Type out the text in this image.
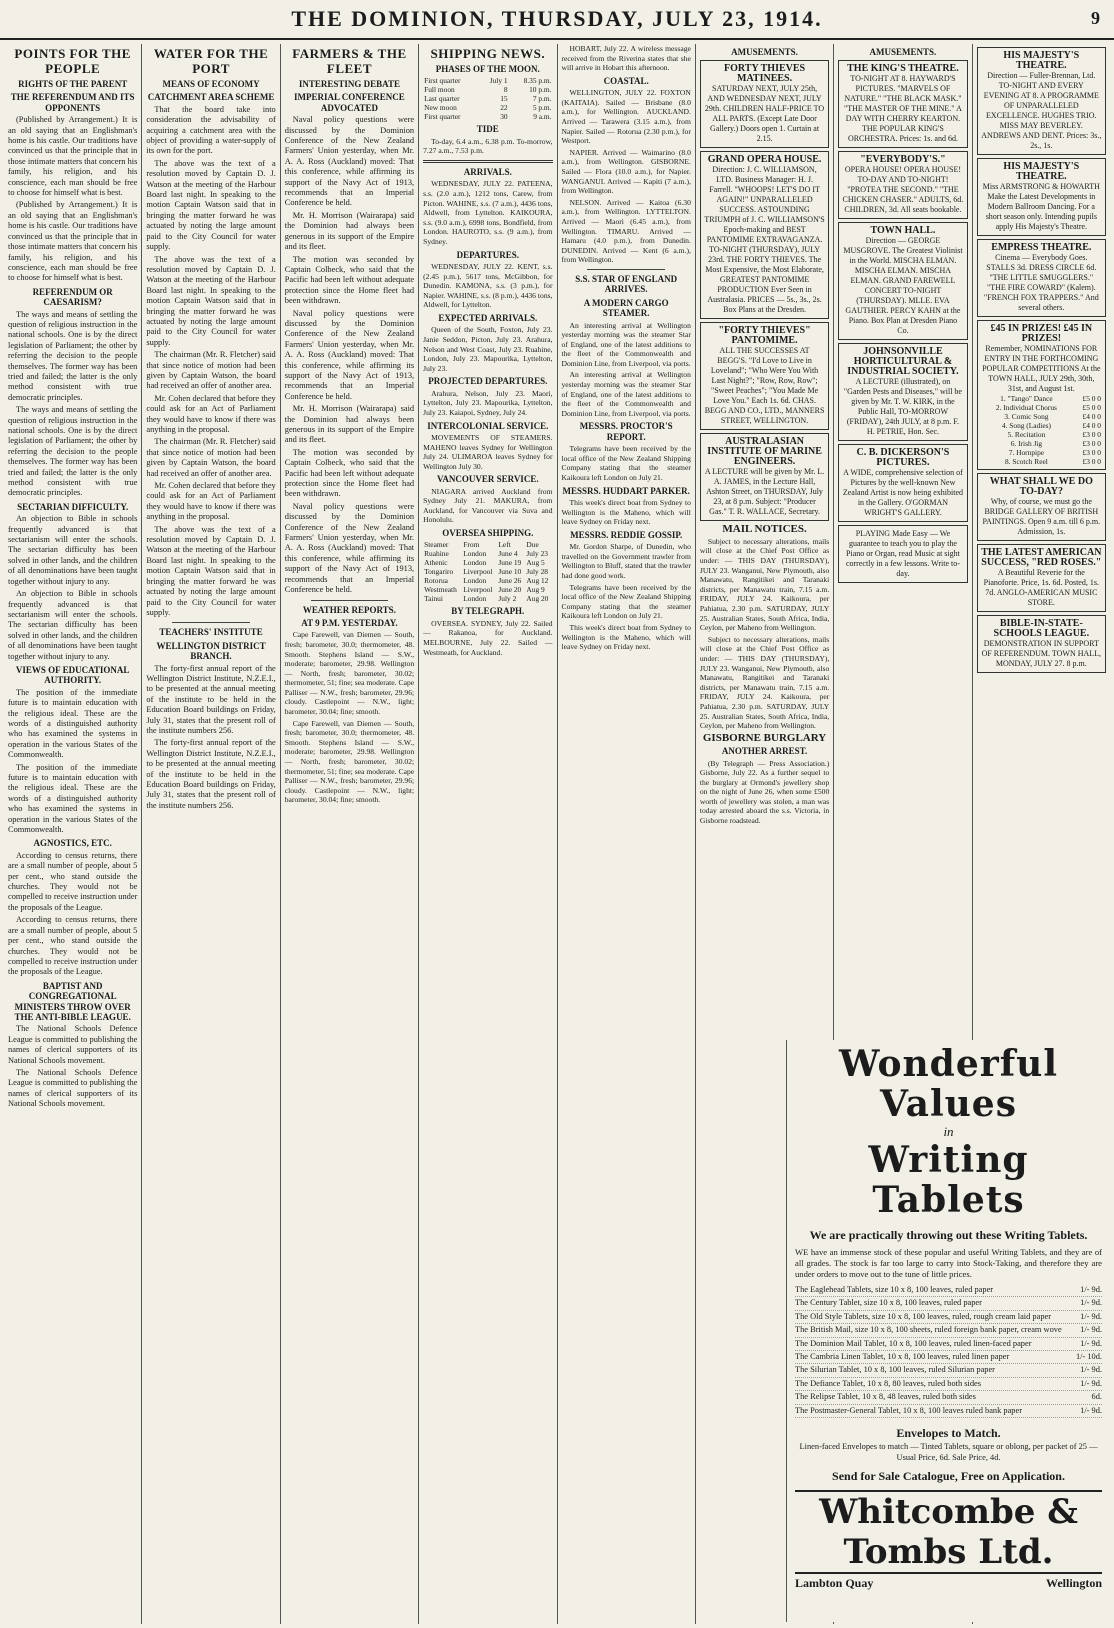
THE DOMINION, THURSDAY, JULY 23, 1914.	9
POINTS FOR THE PEOPLE
RIGHTS OF THE PARENT
THE REFERENDUM AND ITS OPPONENTS

(Published by Arrangement.) It is an old saying that an Englishman's home is his castle. Our traditions have convinced us that the principle that in those intimate matters that concern his family, his religion, and his conscience, each man should be free to choose for himself what is best.

(Published by Arrangement.) It is an old saying that an Englishman's home is his castle. Our traditions have convinced us that the principle that in those intimate matters that concern his family, his religion, and his conscience, each man should be free to choose for himself what is best.

REFERENDUM OR CAESARISM?

The ways and means of settling the question of religious instruction in the national schools. One is by the direct legislation of Parliament; the other by referring the decision to the people themselves. The former way has been tried and failed; the latter is the only method consistent with true democratic principles.

The ways and means of settling the question of religious instruction in the national schools. One is by the direct legislation of Parliament; the other by referring the decision to the people themselves. The former way has been tried and failed; the latter is the only method consistent with true democratic principles.

SECTARIAN DIFFICULTY.

An objection to Bible in schools frequently advanced is that sectarianism will enter the schools. The sectarian difficulty has been solved in other lands, and the children of all denominations have been taught together without injury to any.

An objection to Bible in schools frequently advanced is that sectarianism will enter the schools. The sectarian difficulty has been solved in other lands, and the children of all denominations have been taught together without injury to any.

VIEWS OF EDUCATIONAL AUTHORITY.

The position of the immediate future is to maintain education with the religious ideal. These are the words of a distinguished authority who has examined the systems in operation in the various States of the Commonwealth.

The position of the immediate future is to maintain education with the religious ideal. These are the words of a distinguished authority who has examined the systems in operation in the various States of the Commonwealth.

AGNOSTICS, ETC.

According to census returns, there are a small number of people, about 5 per cent., who stand outside the churches. They would not be compelled to receive instruction under the proposals of the League.

According to census returns, there are a small number of people, about 5 per cent., who stand outside the churches. They would not be compelled to receive instruction under the proposals of the League.

BAPTIST AND CONGREGATIONAL MINISTERS THROW OVER THE ANTI-BIBLE LEAGUE.

The National Schools Defence League is committed to publishing the names of clerical supporters of its National Schools movement.

The National Schools Defence League is committed to publishing the names of clerical supporters of its National Schools movement.

WATER FOR THE PORT
MEANS OF ECONOMY
CATCHMENT AREA SCHEME

That the board take into consideration the advisability of acquiring a catchment area with the object of providing a water-supply of its own for the port.

The above was the text of a resolution moved by Captain D. J. Watson at the meeting of the Harbour Board last night. In speaking to the motion Captain Watson said that in bringing the matter forward he was actuated by noting the large amount paid to the City Council for water supply.

The above was the text of a resolution moved by Captain D. J. Watson at the meeting of the Harbour Board last night. In speaking to the motion Captain Watson said that in bringing the matter forward he was actuated by noting the large amount paid to the City Council for water supply.

The chairman (Mr. R. Fletcher) said that since notice of motion had been given by Captain Watson, the board had received an offer of another area.

Mr. Cohen declared that before they could ask for an Act of Parliament they would have to know if there was anything in the proposal.

The chairman (Mr. R. Fletcher) said that since notice of motion had been given by Captain Watson, the board had received an offer of another area.

Mr. Cohen declared that before they could ask for an Act of Parliament they would have to know if there was anything in the proposal.

The above was the text of a resolution moved by Captain D. J. Watson at the meeting of the Harbour Board last night. In speaking to the motion Captain Watson said that in bringing the matter forward he was actuated by noting the large amount paid to the City Council for water supply.

TEACHERS' INSTITUTE
WELLINGTON DISTRICT BRANCH.

The forty-first annual report of the Wellington District Institute, N.Z.E.I., to be presented at the annual meeting of the institute to be held in the Education Board buildings on Friday, July 31, states that the present roll of the institute numbers 256.

The forty-first annual report of the Wellington District Institute, N.Z.E.I., to be presented at the annual meeting of the institute to be held in the Education Board buildings on Friday, July 31, states that the present roll of the institute numbers 256.

FARMERS & THE FLEET
INTERESTING DEBATE
IMPERIAL CONFERENCE ADVOCATED

Naval policy questions were discussed by the Dominion Conference of the New Zealand Farmers' Union yesterday, when Mr. A. A. Ross (Auckland) moved: That this conference, while affirming its support of the Navy Act of 1913, recommends that an Imperial Conference be held.

Mr. H. Morrison (Wairarapa) said the Dominion had always been generous in its support of the Empire and its fleet.

The motion was seconded by Captain Colbeck, who said that the Pacific had been left without adequate protection since the Home fleet had been withdrawn.

Naval policy questions were discussed by the Dominion Conference of the New Zealand Farmers' Union yesterday, when Mr. A. A. Ross (Auckland) moved: That this conference, while affirming its support of the Navy Act of 1913, recommends that an Imperial Conference be held.

Mr. H. Morrison (Wairarapa) said the Dominion had always been generous in its support of the Empire and its fleet.

The motion was seconded by Captain Colbeck, who said that the Pacific had been left without adequate protection since the Home fleet had been withdrawn.

Naval policy questions were discussed by the Dominion Conference of the New Zealand Farmers' Union yesterday, when Mr. A. A. Ross (Auckland) moved: That this conference, while affirming its support of the Navy Act of 1913, recommends that an Imperial Conference be held.

WEATHER REPORTS.
AT 9 P.M. YESTERDAY.

Cape Farewell, van Diemen — South, fresh; barometer, 30.0; thermometer, 48. Smooth. Stephens Island — S.W., moderate; barometer, 29.98. Wellington — North, fresh; barometer, 30.02; thermometer, 51; fine; sea moderate. Cape Palliser — N.W., fresh; barometer, 29.96; cloudy. Castlepoint — N.W., light; barometer, 30.04; fine; smooth.

Cape Farewell, van Diemen — South, fresh; barometer, 30.0; thermometer, 48. Smooth. Stephens Island — S.W., moderate; barometer, 29.98. Wellington — North, fresh; barometer, 30.02; thermometer, 51; fine; sea moderate. Cape Palliser — N.W., fresh; barometer, 29.96; cloudy. Castlepoint — N.W., light; barometer, 30.04; fine; smooth.

SHIPPING NEWS.
PHASES OF THE MOON.
First quarter	July 1	8.35 p.m.
Full moon	8	10 p.m.
Last quarter	15	7 p.m.
New moon	22	5 p.m.
First quarter	30	9 a.m.
TIDE

To-day, 6.4 a.m., 6.38 p.m. To-morrow, 7.27 a.m., 7.53 p.m.

ARRIVALS.

WEDNESDAY, JULY 22. PATEENA, s.s. (2.0 a.m.), 1212 tons, Carew, from Picton. WAHINE, s.s. (7 a.m.), 4436 tons, Aldwell, from Lyttelton. KAIKOURA, s.s. (9.0 a.m.), 6998 tons, Bondfield, from London. HAUROTO, s.s. (9 a.m.), from Sydney.

DEPARTURES.

WEDNESDAY, JULY 22. KENT, s.s. (2.45 p.m.), 5617 tons, McGibbon, for Dunedin. KAMONA, s.s. (3 p.m.), for Napier. WAHINE, s.s. (8 p.m.), 4436 tons, Aldwell, for Lyttelton.

EXPECTED ARRIVALS.

Queen of the South, Foxton, July 23. Janie Seddon, Picton, July 23. Arahura, Nelson and West Coast, July 23. Ruahine, London, July 23. Mapourika, Lyttelton, July 23.

PROJECTED DEPARTURES.

Arahura, Nelson, July 23. Maori, Lyttelton, July 23. Mapourika, Lyttelton, July 23. Kaiapoi, Sydney, July 24.

INTERCOLONIAL SERVICE.

MOVEMENTS OF STEAMERS. MAHENO leaves Sydney for Wellington July 24. ULIMAROA leaves Sydney for Wellington July 30.

VANCOUVER SERVICE.

NIAGARA arrived Auckland from Sydney July 21. MAKURA, from Auckland, for Vancouver via Suva and Honolulu.

OVERSEA SHIPPING.
Steamer	From	Left	Due
Ruahine	London	June 4	July 23
Athenic	London	June 19	Aug 5
Tongariro	Liverpool	June 10	July 28
Rotorua	London	June 26	Aug 12
Westmeath	Liverpool	June 20	Aug 9
Tainui	London	July 2	Aug 20
BY TELEGRAPH.

OVERSEA. SYDNEY, July 22. Sailed — Rakanoa, for Auckland. MELBOURNE, July 22. Sailed — Westmeath, for Auckland.

HOBART, July 22. A wireless message received from the Riverina states that she will arrive in Hobart this afternoon.

COASTAL.

WELLINGTON, JULY 22. FOXTON (KAITAIA). Sailed — Brisbane (8.0 a.m.), for Wellington. AUCKLAND. Arrived — Tarawera (3.15 a.m.), from Napier. Sailed — Rotorua (2.30 p.m.), for Westport.

NAPIER. Arrived — Waimarino (8.0 a.m.), from Wellington. GISBORNE. Sailed — Flora (10.0 a.m.), for Napier. WANGANUI. Arrived — Kapiti (7 a.m.), from Wellington.

NELSON. Arrived — Kaitoa (6.30 a.m.), from Wellington. LYTTELTON. Arrived — Maori (6.45 a.m.), from Wellington. TIMARU. Arrived — Hamaru (4.0 p.m.), from Dunedin. DUNEDIN. Arrived — Kent (6 a.m.), from Wellington.

S.S. STAR OF ENGLAND ARRIVES.
A MODERN CARGO STEAMER.

An interesting arrival at Wellington yesterday morning was the steamer Star of England, one of the latest additions to the fleet of the Commonwealth and Dominion Line, from Liverpool, via ports.

An interesting arrival at Wellington yesterday morning was the steamer Star of England, one of the latest additions to the fleet of the Commonwealth and Dominion Line, from Liverpool, via ports.

MESSRS. PROCTOR'S REPORT.

Telegrams have been received by the local office of the New Zealand Shipping Company stating that the steamer Kaikoura left London on July 21.

MESSRS. HUDDART PARKER.

This week's direct boat from Sydney to Wellington is the Maheno, which will leave Sydney on Friday next.

MESSRS. REDDIE GOSSIP.

Mr. Gordon Sharpe, of Dunedin, who travelled on the Government trawler from Wellington to Bluff, stated that the trawler had done good work.

Telegrams have been received by the local office of the New Zealand Shipping Company stating that the steamer Kaikoura left London on July 21.

This week's direct boat from Sydney to Wellington is the Maheno, which will leave Sydney on Friday next.

AMUSEMENTS.
FORTY THIEVES MATINEES.
SATURDAY NEXT, JULY 25th, AND WEDNESDAY NEXT, JULY 29th. CHILDREN HALF-PRICE TO ALL PARTS. (Except Late Door Gallery.) Doors open 1. Curtain at 2.15.
GRAND OPERA HOUSE.
Direction: J. C. WILLIAMSON, LTD. Business Manager: H. J. Farrell. "WHOOPS! LET'S DO IT AGAIN!" UNPARALLELED SUCCESS. ASTOUNDING TRIUMPH of J. C. WILLIAMSON'S Epoch-making and BEST PANTOMIME EXTRAVAGANZA. TO-NIGHT (THURSDAY), JULY 23rd. THE FORTY THIEVES. The Most Expensive, the Most Elaborate, GREATEST PANTOMIME PRODUCTION Ever Seen in Australasia. PRICES — 5s., 3s., 2s. Box Plans at the Dresden.
"FORTY THIEVES" PANTOMIME.
ALL THE SUCCESSES AT BEGG'S. "I'd Love to Live in Loveland"; "Who Were You With Last Night?"; "Row, Row, Row"; "Sweet Peaches"; "You Made Me Love You." Each 1s. 6d. CHAS. BEGG AND CO., LTD., MANNERS STREET, WELLINGTON.
AUSTRALASIAN INSTITUTE OF MARINE ENGINEERS.
A LECTURE will be given by Mr. L. A. JAMES, in the Lecture Hall, Ashton Street, on THURSDAY, July 23, at 8 p.m. Subject: "Producer Gas." T. R. WALLACE, Secretary.
MAIL NOTICES.

Subject to necessary alterations, mails will close at the Chief Post Office as under: — THIS DAY (THURSDAY), JULY 23. Wanganui, New Plymouth, also Manawatu, Rangitikei and Taranaki districts, per Manawatu train, 7.15 a.m. FRIDAY, JULY 24. Kaikoura, per Pahiatua, 2.30 p.m. SATURDAY, JULY 25. Australian States, South Africa, India, Ceylon, per Maheno from Wellington.

Subject to necessary alterations, mails will close at the Chief Post Office as under: — THIS DAY (THURSDAY), JULY 23. Wanganui, New Plymouth, also Manawatu, Rangitikei and Taranaki districts, per Manawatu train, 7.15 a.m. FRIDAY, JULY 24. Kaikoura, per Pahiatua, 2.30 p.m. SATURDAY, JULY 25. Australian States, South Africa, India, Ceylon, per Maheno from Wellington.

GISBORNE BURGLARY
ANOTHER ARREST.

(By Telegraph — Press Association.) Gisborne, July 22. As a further sequel to the burglary at Ormond's jewellery shop on the night of June 26, when some £500 worth of jewellery was stolen, a man was today arrested aboard the s.s. Victoria, in Gisborne roadstead.

AMUSEMENTS.
THE KING'S THEATRE.
TO-NIGHT AT 8. HAYWARD'S PICTURES. "MARVELS OF NATURE." "THE BLACK MASK." "THE MASTER OF THE MINE." A DAY WITH CHERRY KEARTON. THE POPULAR KING'S ORCHESTRA. Prices: 1s. and 6d.
"EVERYBODY'S."
OPERA HOUSE! OPERA HOUSE! TO-DAY AND TO-NIGHT! "PROTEA THE SECOND." "THE CHICKEN CHASER." ADULTS, 6d. CHILDREN, 3d. All seats bookable.
TOWN HALL.
Direction — GEORGE MUSGROVE. The Greatest Violinist in the World. MISCHA ELMAN. MISCHA ELMAN. MISCHA ELMAN. GRAND FAREWELL CONCERT TO-NIGHT (THURSDAY). MLLE. EVA GAUTHIER. PERCY KAHN at the Piano. Box Plan at Dresden Piano Co.
JOHNSONVILLE HORTICULTURAL & INDUSTRIAL SOCIETY.
A LECTURE (illustrated), on "Garden Pests and Diseases," will be given by Mr. T. W. KIRK, in the Public Hall, TO-MORROW (FRIDAY), 24th JULY, at 8 p.m. F. H. PETRIE, Hon. Sec.
C. B. DICKERSON'S PICTURES.
A WIDE, comprehensive selection of Pictures by the well-known New Zealand Artist is now being exhibited in the Gallery. O'GORMAN WRIGHT'S GALLERY.
PLAYING Made Easy — We guarantee to teach you to play the Piano or Organ, read Music at sight correctly in a few lessons. Write to-day.
HIS MAJESTY'S THEATRE.
Direction — Fuller-Brennan, Ltd. TO-NIGHT AND EVERY EVENING AT 8. A PROGRAMME OF UNPARALLELED EXCELLENCE. HUGHES TRIO. MISS MAY BEVERLEY. ANDREWS AND DENT. Prices: 3s., 2s., 1s.
HIS MAJESTY'S THEATRE.
Miss ARMSTRONG & HOWARTH Make the Latest Developments in Modern Ballroom Dancing. For a short season only. Intending pupils apply His Majesty's Theatre.
EMPRESS THEATRE.
Cinema — Everybody Goes. STALLS 3d. DRESS CIRCLE 6d. "THE LITTLE SMUGGLERS." "THE FIRE COWARD" (Kalem). "FRENCH FOX TRAPPERS." And several others.
£45 IN PRIZES! £45 IN PRIZES!
Remember, NOMINATIONS FOR ENTRY IN THE FORTHCOMING POPULAR COMPETITIONS At the TOWN HALL, JULY 29th, 30th, 31st, and August 1st.
1. "Tango" Dance	£5 0 0
2. Individual Chorus	£5 0 0
3. Comic Song	£4 0 0
4. Song (Ladies)	£4 0 0
5. Recitation	£3 0 0
6. Irish Jig	£3 0 0
7. Hornpipe	£3 0 0
8. Scotch Reel	£3 0 0
WHAT SHALL WE DO TO-DAY?
Why, of course, we must go the BRIDGE GALLERY OF BRITISH PAINTINGS. Open 9 a.m. till 6 p.m. Admission, 1s.
THE LATEST AMERICAN SUCCESS, "RED ROSES."
A Beautiful Reverie for the Pianoforte. Price, 1s. 6d. Posted, 1s. 7d. ANGLO-AMERICAN MUSIC STORE.
BIBLE-IN-STATE-SCHOOLS LEAGUE.
DEMONSTRATION IN SUPPORT OF REFERENDUM. TOWN HALL, MONDAY, JULY 27. 8 p.m.
Wonderful Values
in
Writing Tablets
We are practically throwing out these Writing Tablets.
WE have an immense stock of these popular and useful Writing Tablets, and they are of all grades. The stock is far too large to carry into Stock-Taking, and therefore they are under orders to move out to the tune of little prices.
The Eaglehead Tablets, size 10 x 8, 100 leaves, ruled paper	1/- 9d.
The Century Tablet, size 10 x 8, 100 leaves, ruled paper	1/- 9d.
The Old Style Tablets, size 10 x 8, 100 leaves, ruled, rough cream laid paper	1/- 9d.
The British Mail, size 10 x 8, 100 sheets, ruled foreign bank paper, cream wove 1/- 9d.
The Dominion Mail Tablet, 10 x 8, 100 leaves, ruled linen-faced paper	1/- 9d.
The Cambria Linen Tablet, 10 x 8, 100 leaves, ruled linen paper	1/- 10d.
The Silurian Tablet, 10 x 8, 100 leaves, ruled Silurian paper	1/- 9d.
The Defiance Tablet, 10 x 8, 80 leaves, ruled both sides	1/- 9d.
The Relipse Tablet, 10 x 8, 48 leaves, ruled both sides	6d.
The Postmaster-General Tablet, 10 x 8, 100 leaves ruled bank paper	1/- 9d.
Envelopes to Match.
Linen-faced Envelopes to match — Tinted Tablets, square or oblong, per packet of 25 — Usual Price, 6d. Sale Price, 4d.
Send for Sale Catalogue, Free on Application.
Whitcombe & Tombs Ltd.
Lambton Quay	Wellington
